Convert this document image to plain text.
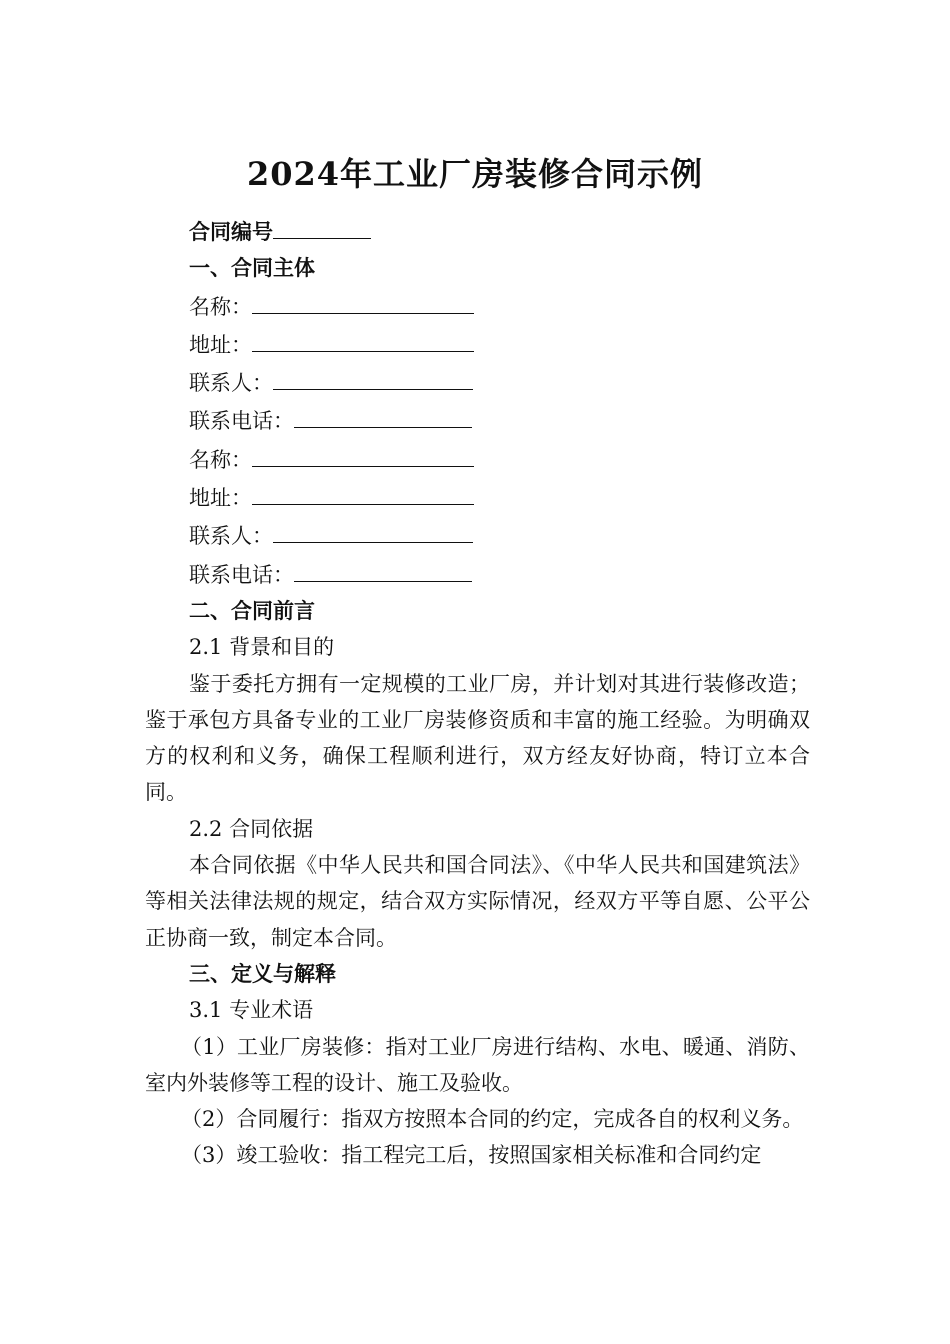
2024年工业厂房装修合同示例
合同编号
一、合同主体
名称：
地址：
联系人：
联系电话：
名称：
地址：
联系人：
联系电话：
二、合同前言
2.1 背景和目的
鉴于委托方拥有一定规模的工业厂房，并计划对其进行装修改造；鉴于承包方具备专业的工业厂房装修资质和丰富的施工经验。为明确双方的权利和义务，确保工程顺利进行，双方经友好协商，特订立本合同。
2.2 合同依据
本合同依据《中华人民共和国合同法》、《中华人民共和国建筑法》等相关法律法规的规定，结合双方实际情况，经双方平等自愿、公平公正协商一致，制定本合同。
三、定义与解释
3.1 专业术语
（1）工业厂房装修：指对工业厂房进行结构、水电、暖通、消防、室内外装修等工程的设计、施工及验收。
（2）合同履行：指双方按照本合同的约定，完成各自的权利义务。
（3）竣工验收：指工程完工后，按照国家相关标准和合同约定
